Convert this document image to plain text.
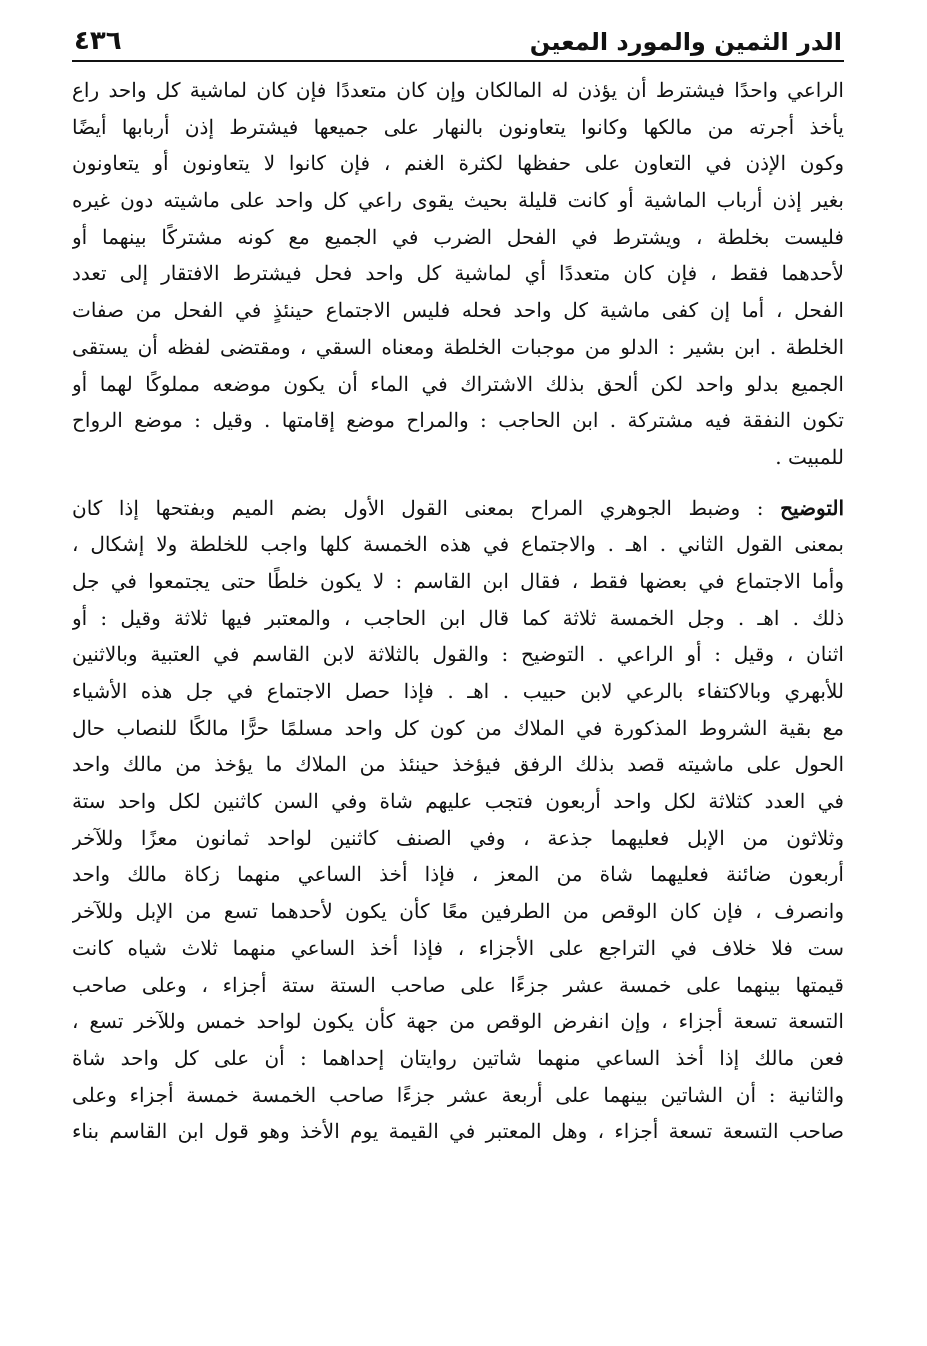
الدر الثمين والمورد المعين
٤٣٦
الراعي واحدًا فيشترط أن يؤذن له المالكان وإن كان متعددًا فإن كان لماشية كل واحد راع
يأخذ أجرته من مالكها وكانوا يتعاونون بالنهار على جميعها فيشترط إذن أربابها أيضًا
وكون الإذن في التعاون على حفظها لكثرة الغنم ، فإن كانوا لا يتعاونون أو يتعاونون
بغير إذن أرباب الماشية أو كانت قليلة بحيث يقوى راعي كل واحد على ماشيته دون غيره
فليست بخلطة ، ويشترط في الفحل الضرب في الجميع مع كونه مشتركًا بينهما أو
لأحدهما فقط ، فإن كان متعددًا أي لماشية كل واحد فحل فيشترط الافتقار إلى تعدد
الفحل ، أما إن كفى ماشية كل واحد فحله فليس الاجتماع حينئذٍ في الفحل من صفات
الخلطة . ابن بشير : الدلو من موجبات الخلطة ومعناه السقي ، ومقتضى لفظه أن يستقى
الجميع بدلو واحد لكن ألحق بذلك الاشتراك في الماء أن يكون موضعه مملوكًا لهما أو
تكون النفقة فيه مشتركة . ابن الحاجب : والمراح موضع إقامتها . وقيل : موضع الرواح
للمبيت .
التوضيح : وضبط الجوهري المراح بمعنى القول الأول بضم الميم وبفتحها إذا كان
بمعنى القول الثاني . اهـ . والاجتماع في هذه الخمسة كلها واجب للخلطة ولا إشكال ،
وأما الاجتماع في بعضها فقط ، فقال ابن القاسم : لا يكون خلطًا حتى يجتمعوا في جل
ذلك . اهـ . وجل الخمسة ثلاثة كما قال ابن الحاجب ، والمعتبر فيها ثلاثة وقيل : أو
اثنان ، وقيل : أو الراعي . التوضيح : والقول بالثلاثة لابن القاسم في العتبية وبالاثنين
للأبهري وبالاكتفاء بالرعي لابن حبيب . اهـ . فإذا حصل الاجتماع في جل هذه الأشياء
مع بقية الشروط المذكورة في الملاك من كون كل واحد مسلمًا حرًّا مالكًا للنصاب حال
الحول على ماشيته قصد بذلك الرفق فيؤخذ حينئذ من الملاك ما يؤخذ من مالك واحد
في العدد كثلاثة لكل واحد أربعون فتجب عليهم شاة وفي السن كاثنين لكل واحد ستة
وثلاثون من الإبل فعليهما جذعة ، وفي الصنف كاثنين لواحد ثمانون معزًا وللآخر
أربعون ضائنة فعليهما شاة من المعز ، فإذا أخذ الساعي منهما زكاة مالك واحد
وانصرف ، فإن كان الوقص من الطرفين معًا كأن يكون لأحدهما تسع من الإبل وللآخر
ست فلا خلاف في التراجع على الأجزاء ، فإذا أخذ الساعي منهما ثلاث شياه كانت
قيمتها بينهما على خمسة عشر جزءًا على صاحب الستة ستة أجزاء ، وعلى صاحب
التسعة تسعة أجزاء ، وإن انفرض الوقص من جهة كأن يكون لواحد خمس وللآخر تسع ،
فعن مالك إذا أخذ الساعي منهما شاتين روايتان إحداهما : أن على كل واحد شاة
والثانية : أن الشاتين بينهما على أربعة عشر جزءًا صاحب الخمسة خمسة أجزاء وعلى
صاحب التسعة تسعة أجزاء ، وهل المعتبر في القيمة يوم الأخذ وهو قول ابن القاسم بناء
